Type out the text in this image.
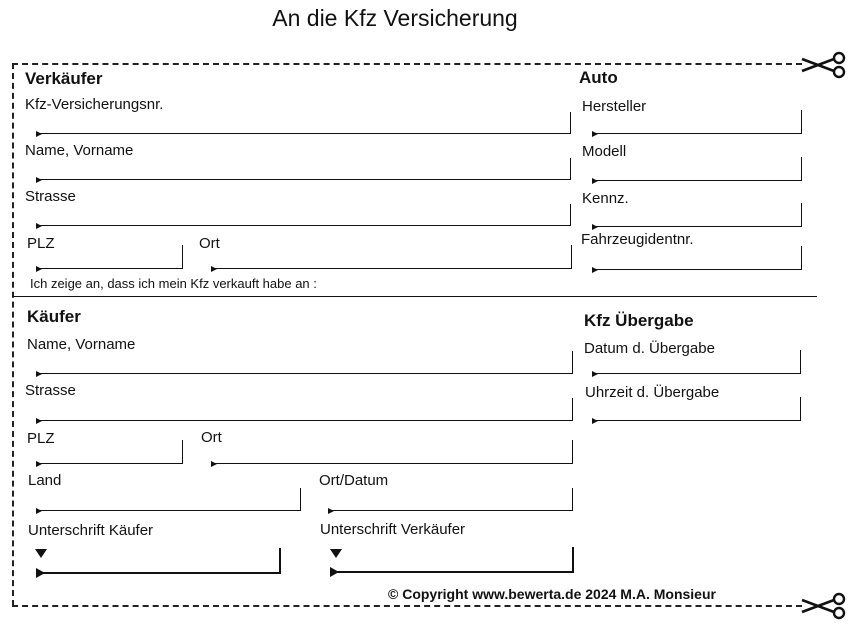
An die Kfz Versicherung
Verkäufer
Kfz-Versicherungsnr.
Name, Vorname
Strasse
PLZ	Ort
Ich zeige an, dass ich mein Kfz verkauft habe an :
Auto
Hersteller
Modell
Kennz.
Fahrzeugidentnr.
Käufer
Name, Vorname
Strasse
PLZ	Ort
Land	Ort/Datum
Unterschrift Käufer	Unterschrift Verkäufer
Kfz Übergabe
Datum d. Übergabe
Uhrzeit d. Übergabe
© Copyright www.bewerta.de 2024 M.A. Monsieur
